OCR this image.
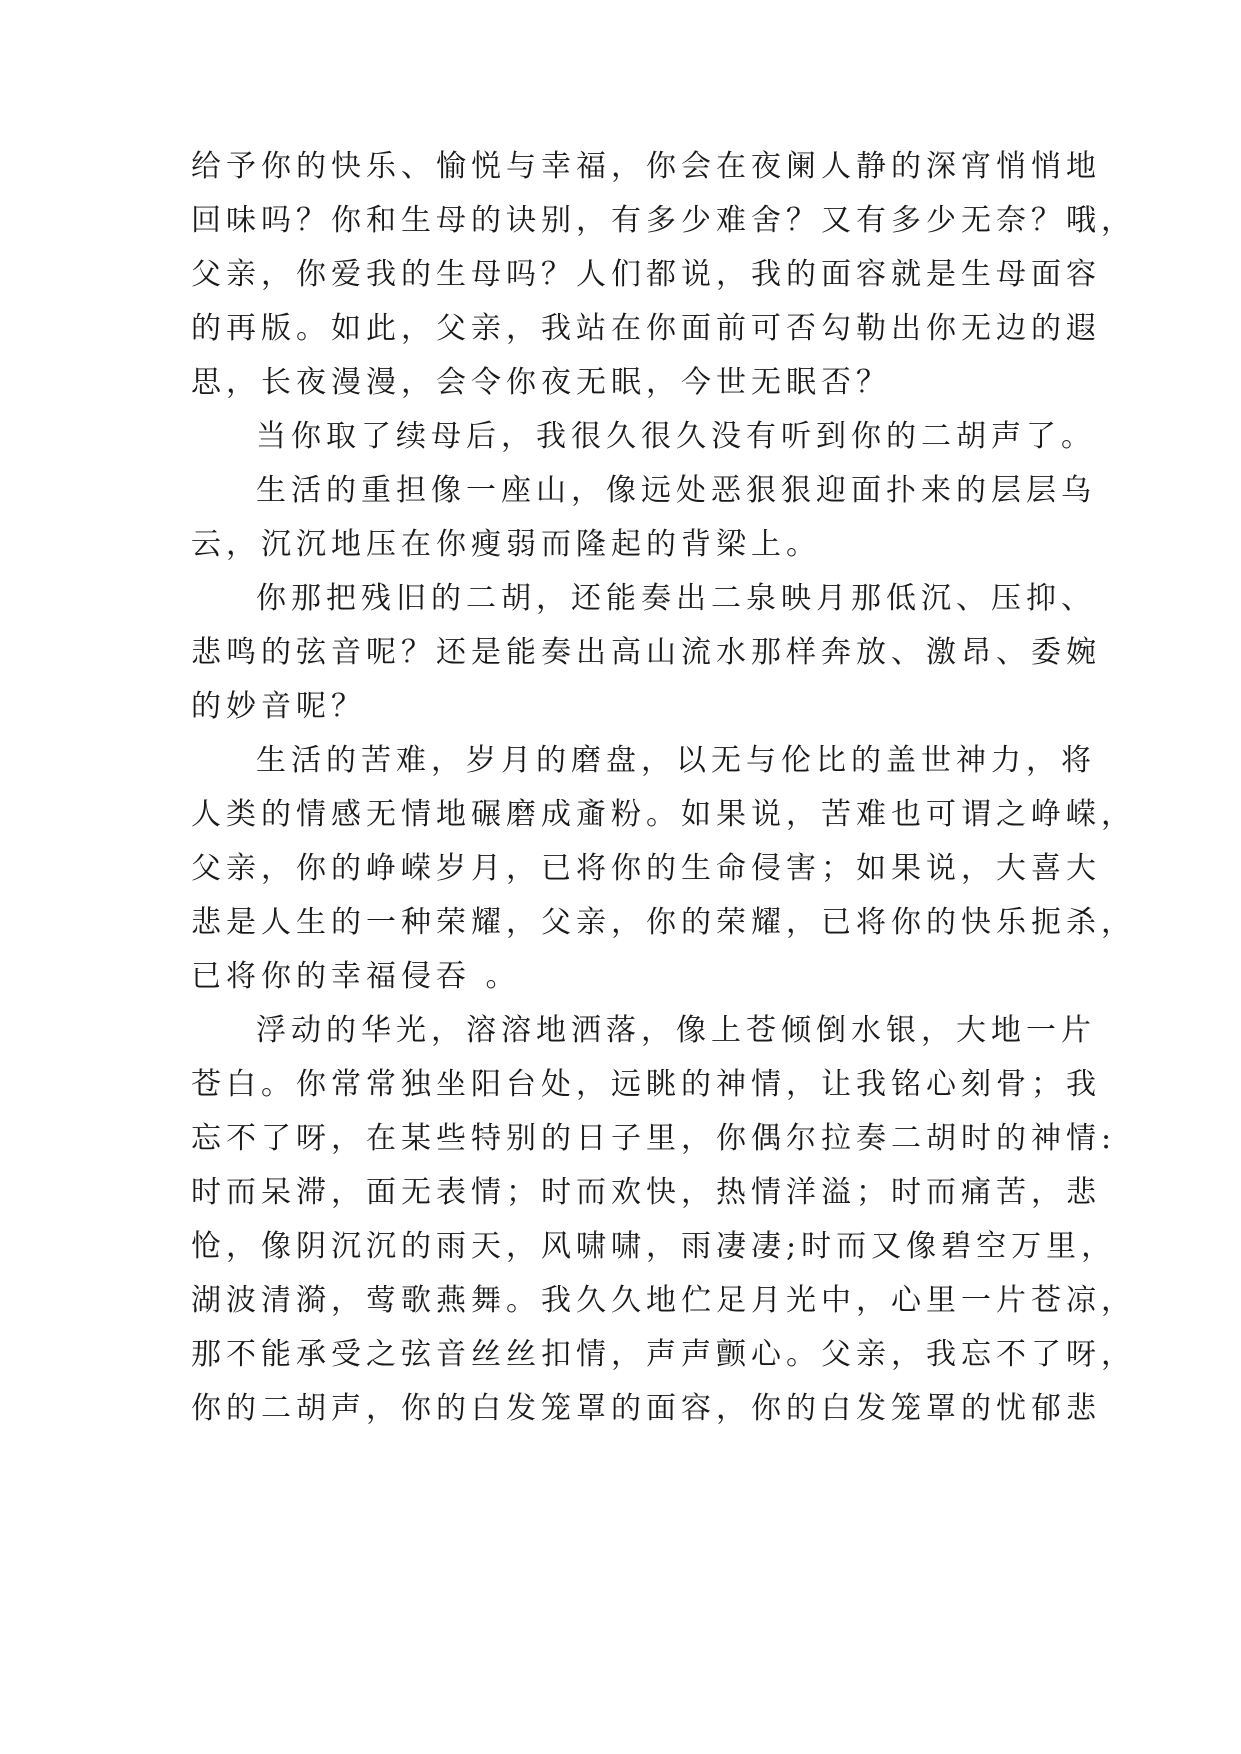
给予你的快乐、愉悦与幸福，你会在夜阑人静的深宵悄悄地
回味吗？你和生母的诀别，有多少难舍？又有多少无奈？哦，
父亲，你爱我的生母吗？人们都说，我的面容就是生母面容
的再版。如此，父亲，我站在你面前可否勾勒出你无边的遐
思，长夜漫漫，会令你夜无眠，今世无眠否？
当你取了续母后，我很久很久没有听到你的二胡声了。
生活的重担像一座山，像远处恶狠狠迎面扑来的层层乌
云，沉沉地压在你瘦弱而隆起的背梁上。
你那把残旧的二胡，还能奏出二泉映月那低沉、压抑、
悲鸣的弦音呢？还是能奏出高山流水那样奔放、激昂、委婉
的妙音呢？
生活的苦难，岁月的磨盘，以无与伦比的盖世神力，将
人类的情感无情地碾磨成齑粉。如果说，苦难也可谓之峥嵘，
父亲，你的峥嵘岁月，已将你的生命侵害；如果说，大喜大
悲是人生的一种荣耀，父亲，你的荣耀，已将你的快乐扼杀，
已将你的幸福侵吞 。
浮动的华光，溶溶地洒落，像上苍倾倒水银，大地一片
苍白。你常常独坐阳台处，远眺的神情，让我铭心刻骨；我
忘不了呀，在某些特别的日子里，你偶尔拉奏二胡时的神情:
时而呆滞，面无表情；时而欢快，热情洋溢；时而痛苦，悲
怆，像阴沉沉的雨天，风啸啸，雨凄凄;时而又像碧空万里，
湖波清漪，莺歌燕舞。我久久地伫足月光中，心里一片苍凉，
那不能承受之弦音丝丝扣情，声声颤心。父亲，我忘不了呀，
你的二胡声，你的白发笼罩的面容，你的白发笼罩的忧郁悲
